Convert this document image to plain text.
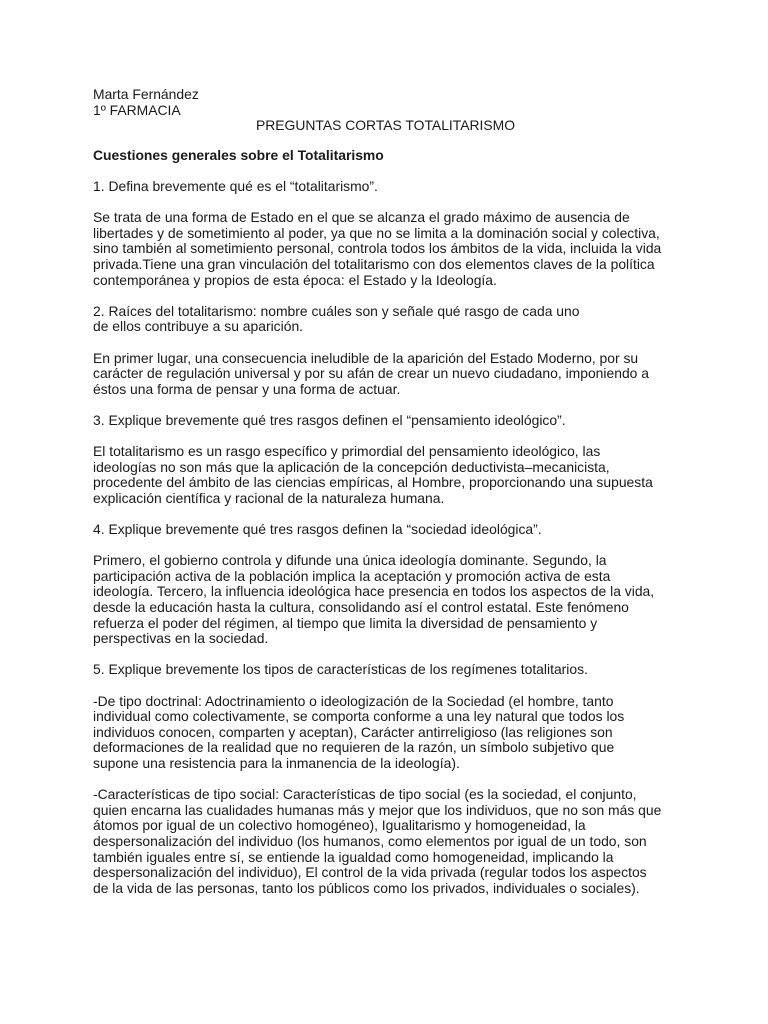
Marta Fernández
1º FARMACIA
PREGUNTAS CORTAS TOTALITARISMO
Cuestiones generales sobre el Totalitarismo
1. Defina brevemente qué es el “totalitarismo”.
Se trata de una forma de Estado en el que se alcanza el grado máximo de ausencia de
libertades y de sometimiento al poder, ya que no se limita a la dominación social y colectiva,
sino también al sometimiento personal, controla todos los ámbitos de la vida, incluida la vida
privada.Tiene una gran vinculación del totalitarismo con dos elementos claves de la política
contemporánea y propios de esta época: el Estado y la Ideología.
2. Raíces del totalitarismo: nombre cuáles son y señale qué rasgo de cada uno
de ellos contribuye a su aparición.
En primer lugar, una consecuencia ineludible de la aparición del Estado Moderno, por su
carácter de regulación universal y por su afán de crear un nuevo ciudadano, imponiendo a
éstos una forma de pensar y una forma de actuar.
3. Explique brevemente qué tres rasgos definen el “pensamiento ideológico”.
El totalitarismo es un rasgo específico y primordial del pensamiento ideológico, las
ideologías no son más que la aplicación de la concepción deductivista–mecanicista,
procedente del ámbito de las ciencias empíricas, al Hombre, proporcionando una supuesta
explicación científica y racional de la naturaleza humana.
4. Explique brevemente qué tres rasgos definen la “sociedad ideológica”.
Primero, el gobierno controla y difunde una única ideología dominante. Segundo, la
participación activa de la población implica la aceptación y promoción activa de esta
ideología. Tercero, la influencia ideológica hace presencia en todos los aspectos de la vida,
desde la educación hasta la cultura, consolidando así el control estatal. Este fenómeno
refuerza el poder del régimen, al tiempo que limita la diversidad de pensamiento y
perspectivas en la sociedad.
5. Explique brevemente los tipos de características de los regímenes totalitarios.
-De tipo doctrinal: Adoctrinamiento o ideologización de la Sociedad (el hombre, tanto
individual como colectivamente, se comporta conforme a una ley natural que todos los
individuos conocen, comparten y aceptan), Carácter antirreligioso (las religiones son
deformaciones de la realidad que no requieren de la razón, un símbolo subjetivo que
supone una resistencia para la inmanencia de la ideología).
-Características de tipo social: Características de tipo social (es la sociedad, el conjunto,
quien encarna las cualidades humanas más y mejor que los individuos, que no son más que
átomos por igual de un colectivo homogéneo), Igualitarismo y homogeneidad, la
despersonalización del individuo (los humanos, como elementos por igual de un todo, son
también iguales entre sí, se entiende la igualdad como homogeneidad, implicando la
despersonalización del individuo), El control de la vida privada (regular todos los aspectos
de la vida de las personas, tanto los públicos como los privados, individuales o sociales).
